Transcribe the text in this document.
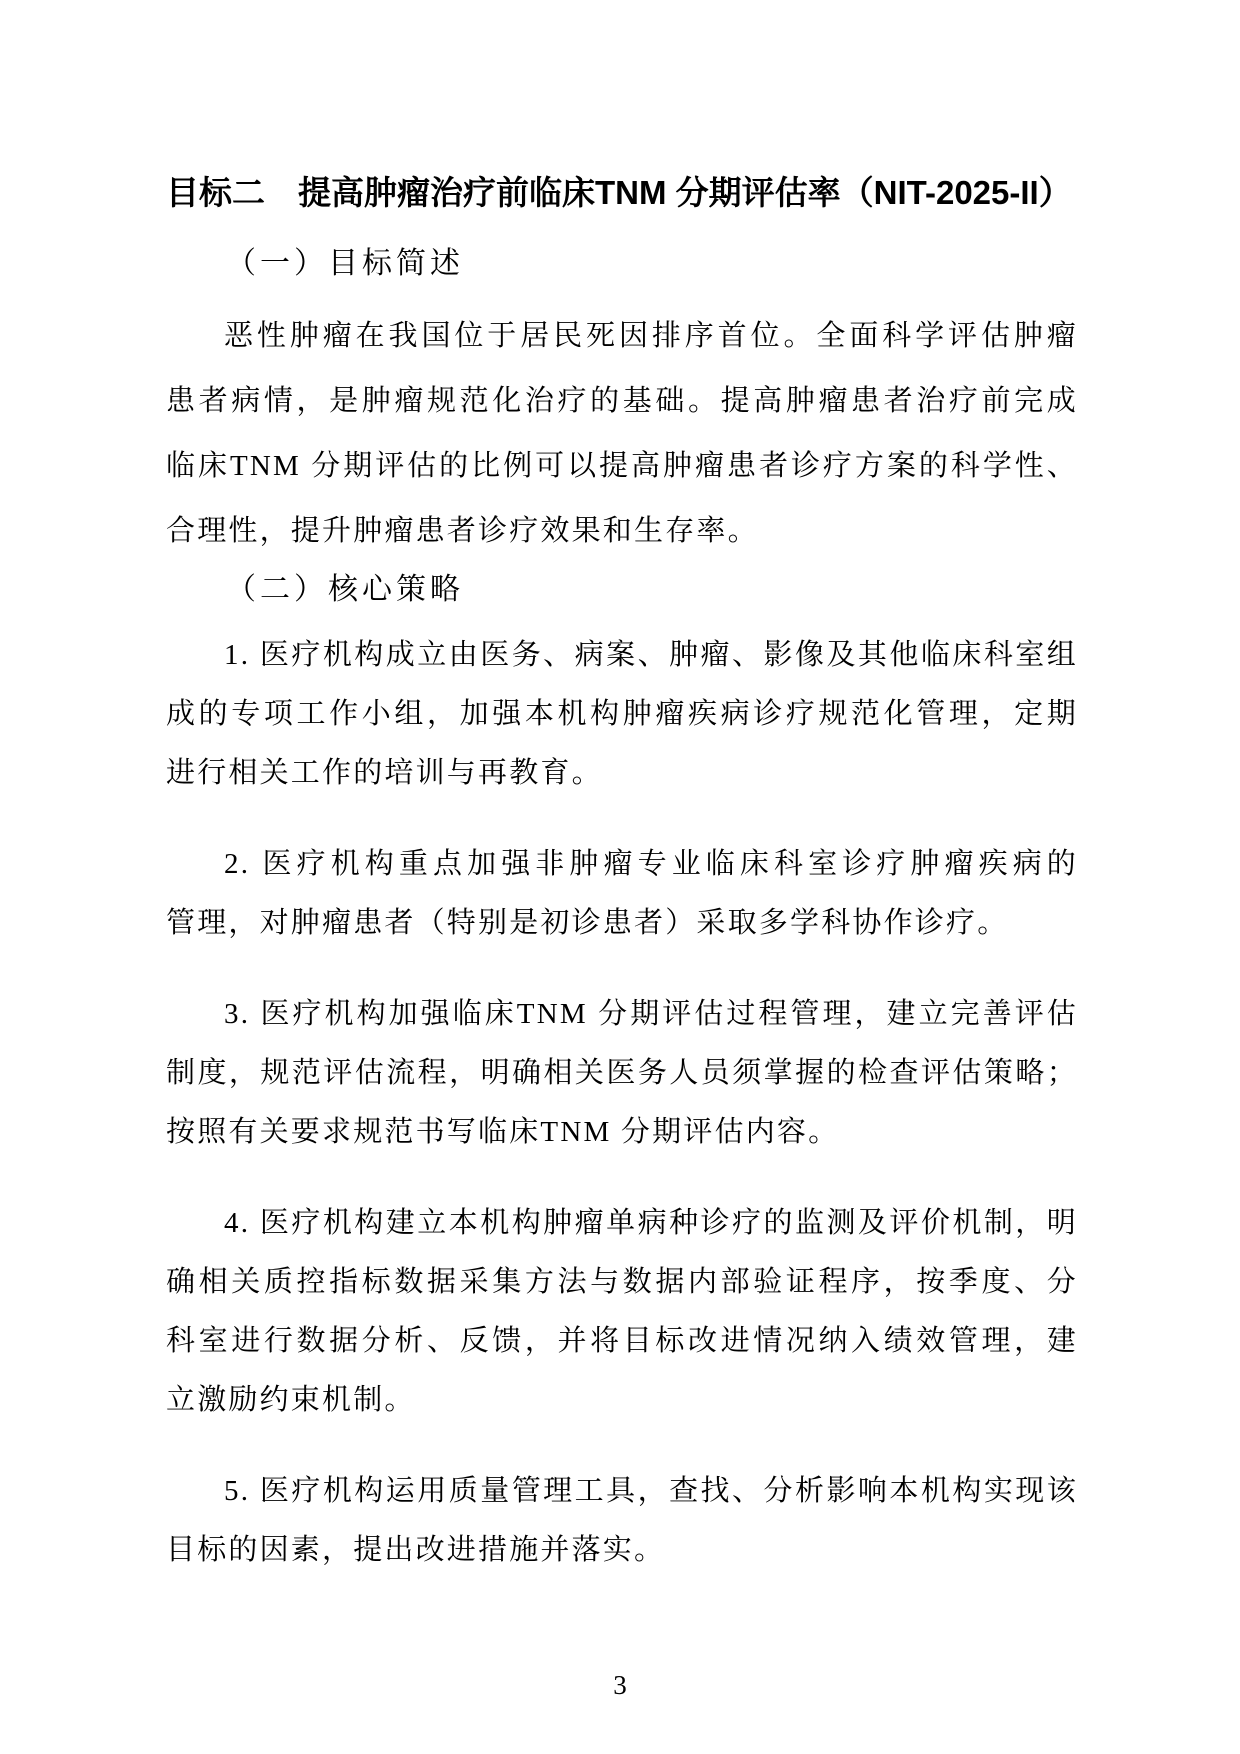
目标二　提高肿瘤治疗前临床TNM 分期评估率（NIT-2025-II）
（一）目标简述
恶性肿瘤在我国位于居民死因排序首位。全面科学评估肿瘤
患者病情，是肿瘤规范化治疗的基础。提高肿瘤患者治疗前完成
临床TNM 分期评估的比例可以提高肿瘤患者诊疗方案的科学性、
合理性，提升肿瘤患者诊疗效果和生存率。
（二）核心策略
1. 医疗机构成立由医务、病案、肿瘤、影像及其他临床科室组
成的专项工作小组，加强本机构肿瘤疾病诊疗规范化管理，定期
进行相关工作的培训与再教育。
2. 医疗机构重点加强非肿瘤专业临床科室诊疗肿瘤疾病的
管理，对肿瘤患者（特别是初诊患者）采取多学科协作诊疗。
3. 医疗机构加强临床TNM 分期评估过程管理，建立完善评估
制度，规范评估流程，明确相关医务人员须掌握的检查评估策略；
按照有关要求规范书写临床TNM 分期评估内容。
4. 医疗机构建立本机构肿瘤单病种诊疗的监测及评价机制，明
确相关质控指标数据采集方法与数据内部验证程序，按季度、分
科室进行数据分析、反馈，并将目标改进情况纳入绩效管理，建
立激励约束机制。
5. 医疗机构运用质量管理工具，查找、分析影响本机构实现该
目标的因素，提出改进措施并落实。
3
